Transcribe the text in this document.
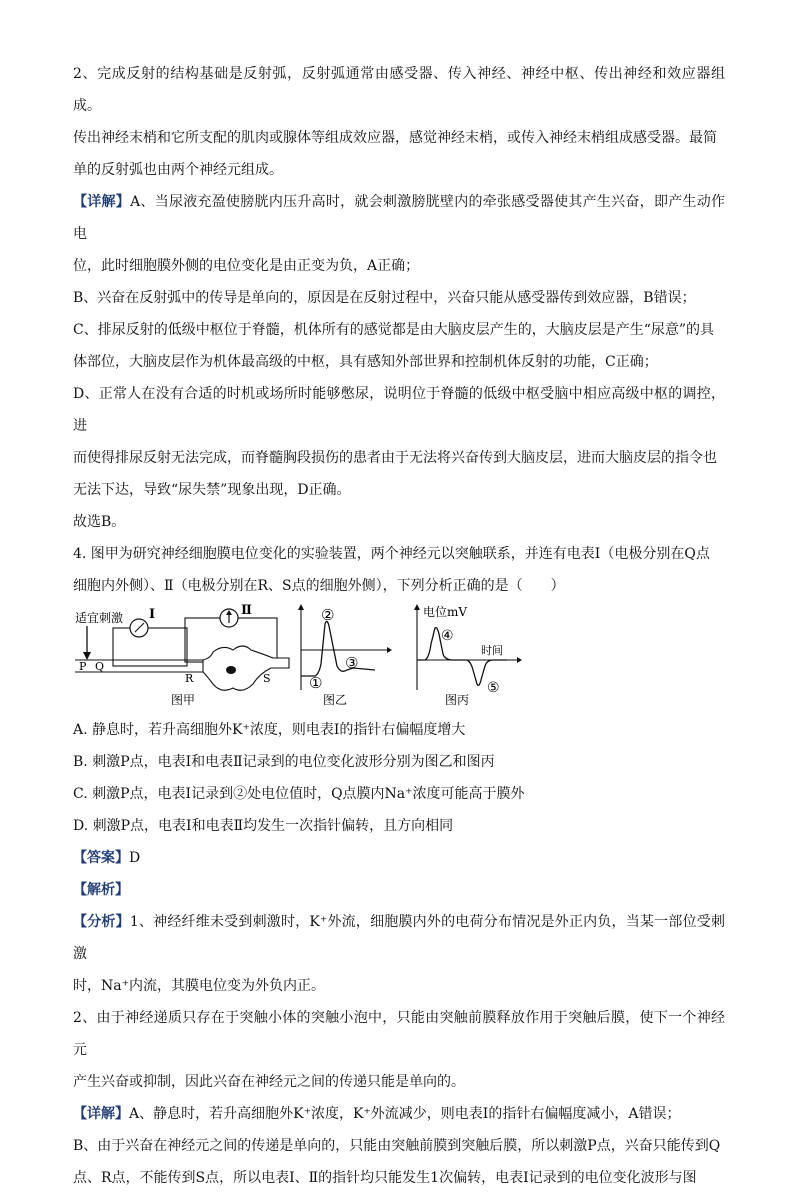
2、完成反射的结构基础是反射弧，反射弧通常由感受器、传入神经、神经中枢、传出神经和效应器组成。

传出神经末梢和它所支配的肌肉或腺体等组成效应器，感觉神经末梢，或传入神经末梢组成感受器。最简

单的反射弧也由两个神经元组成。

【详解】A、当尿液充盈使膀胱内压升高时，就会刺激膀胱壁内的牵张感受器使其产生兴奋，即产生动作电

位，此时细胞膜外侧的电位变化是由正变为负，A正确；

B、兴奋在反射弧中的传导是单向的，原因是在反射过程中，兴奋只能从感受器传到效应器，B错误；

C、排尿反射的低级中枢位于脊髓，机体所有的感觉都是由大脑皮层产生的，大脑皮层是产生“尿意”的具

体部位，大脑皮层作为机体最高级的中枢，具有感知外部世界和控制机体反射的功能，C正确；

D、正常人在没有合适的时机或场所时能够憋尿，说明位于脊髓的低级中枢受脑中相应高级中枢的调控，进

而使得排尿反射无法完成，而脊髓胸段损伤的患者由于无法将兴奋传到大脑皮层，进而大脑皮层的指令也

无法下达，导致“尿失禁”现象出现，D正确。

故选B。

4. 图甲为研究神经细胞膜电位变化的实验装置，两个神经元以突触联系，并连有电表Ⅰ（电极分别在Q点

细胞内外侧）、Ⅱ（电极分别在R、S点的细胞外侧），下列分析正确的是（　　）

适宜刺激 Ⅰ
P Q
Ⅱ
R	S
图甲
②
①
③
图乙
电位mV
时间
④
⑤
图丙

A. 静息时，若升高细胞外K⁺浓度，则电表Ⅰ的指针右偏幅度增大

B. 刺激P点，电表Ⅰ和电表Ⅱ记录到的电位变化波形分别为图乙和图丙

C. 刺激P点，电表Ⅰ记录到②处电位值时，Q点膜内Na⁺浓度可能高于膜外

D. 刺激P点，电表Ⅰ和电表Ⅱ均发生一次指针偏转，且方向相同

【答案】D

【解析】

【分析】1、神经纤维未受到刺激时，K⁺外流，细胞膜内外的电荷分布情况是外正内负，当某一部位受刺激

时，Na⁺内流，其膜电位变为外负内正。

2、由于神经递质只存在于突触小体的突触小泡中，只能由突触前膜释放作用于突触后膜，使下一个神经元

产生兴奋或抑制，因此兴奋在神经元之间的传递只能是单向的。

【详解】A、静息时，若升高细胞外K⁺浓度，K⁺外流减少，则电表Ⅰ的指针右偏幅度减小，A错误；

B、由于兴奋在神经元之间的传递是单向的，只能由突触前膜到突触后膜，所以刺激P点，兴奋只能传到Q

点、R点，不能传到S点，所以电表Ⅰ、Ⅱ的指针均只能发生1次偏转，电表Ⅰ记录到的电位变化波形与图
